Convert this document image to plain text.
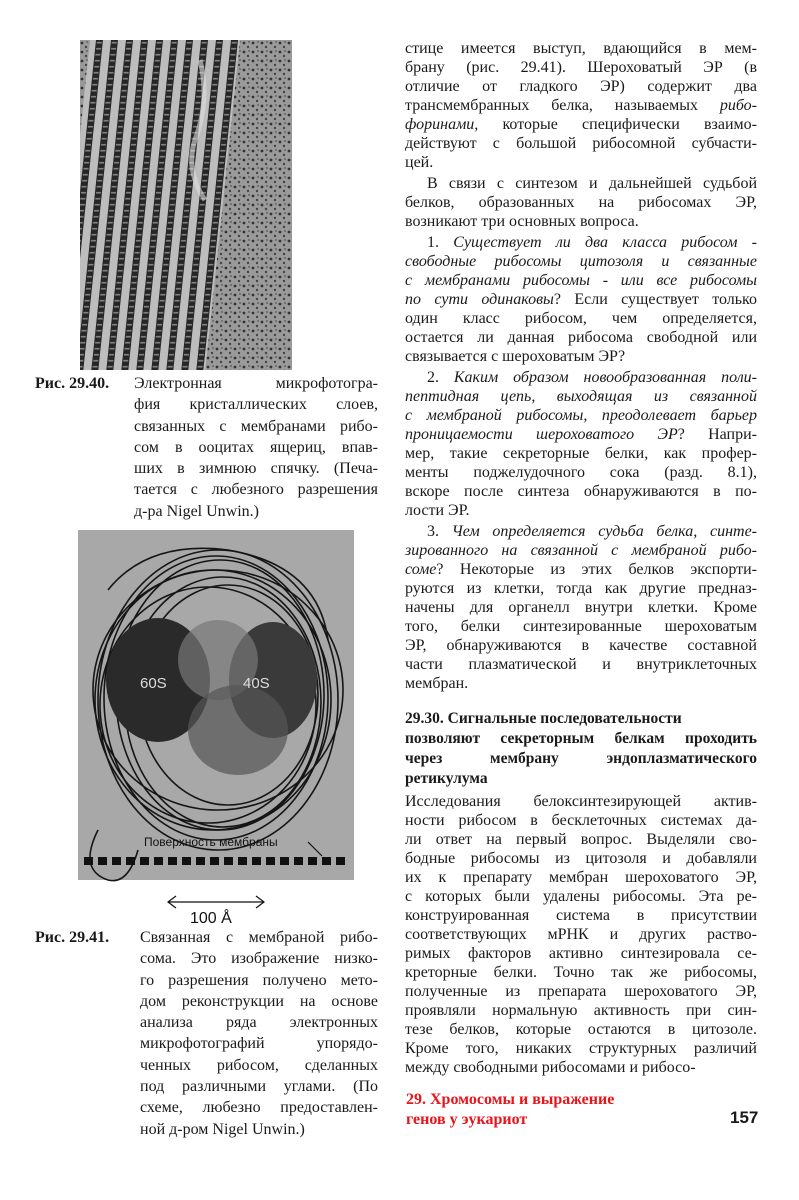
Рис. 29.40. Электронная микрофотогра-
фия кристаллических слоев,
связанных с мембранами рибо-
сом в ооцитах ящериц, впав-
ших в зимнюю спячку. (Печа-
тается с любезного разрешения
д-ра Nigel Unwin.)
60S	40S
Поверхность мембраны
100 Å
Рис. 29.41. Связанная с мембраной рибо-
сома. Это изображение низко-
го разрешения получено мето-
дом реконструкции на основе
анализа ряда электронных
микрофотографий упорядо-
ченных рибосом, сделанных
под различными углами. (По
схеме, любезно предоставлен-
ной д-ром Nigel Unwin.)
стице имеется выступ, вдающийся в мем-
брану (рис. 29.41). Шероховатый ЭР (в
отличие от гладкого ЭР) содержит два
трансмембранных белка, называемых рибо-
форинами, которые специфически взаимо-
действуют с большой рибосомной субчасти-
цей.
В связи с синтезом и дальнейшей судьбой
белков, образованных на рибосомах ЭР,
возникают три основных вопроса.
1. Существует ли два класса рибосом -
свободные рибосомы цитозоля и связанные
с мембранами рибосомы - или все рибосомы
по сути одинаковы? Если существует только
один класс рибосом, чем определяется,
остается ли данная рибосома свободной или
связывается с шероховатым ЭР?
2. Каким образом новообразованная поли-
пептидная цепь, выходящая из связанной
с мембраной рибосомы, преодолевает барьер
проницаемости шероховатого ЭР? Напри-
мер, такие секреторные белки, как профер-
менты поджелудочного сока (разд. 8.1),
вскоре после синтеза обнаруживаются в по-
лости ЭР.
3. Чем определяется судьба белка, синте-
зированного на связанной с мембраной рибо-
соме? Некоторые из этих белков экспорти-
руются из клетки, тогда как другие предназ-
начены для органелл внутри клетки. Кроме
того, белки синтезированные шероховатым
ЭР, обнаруживаются в качестве составной
части плазматической и внутриклеточных
мембран.
29.30. Сигнальные последовательности
позволяют секреторным белкам проходить
через мембрану эндоплазматического
ретикулума
Исследования белоксинтезирующей актив-
ности рибосом в бесклеточных системах да-
ли ответ на первый вопрос. Выделяли сво-
бодные рибосомы из цитозоля и добавляли
их к препарату мембран шероховатого ЭР,
с которых были удалены рибосомы. Эта ре-
конструированная система в присутствии
соответствующих мРНК и других раство-
римых факторов активно синтезировала се-
креторные белки. Точно так же рибосомы,
полученные из препарата шероховатого ЭР,
проявляли нормальную активность при син-
тезе белков, которые остаются в цитозоле.
Кроме того, никаких структурных различий
между свободными рибосомами и рибосо-
29. Хромосомы и выражение
генов у эукариот	157
